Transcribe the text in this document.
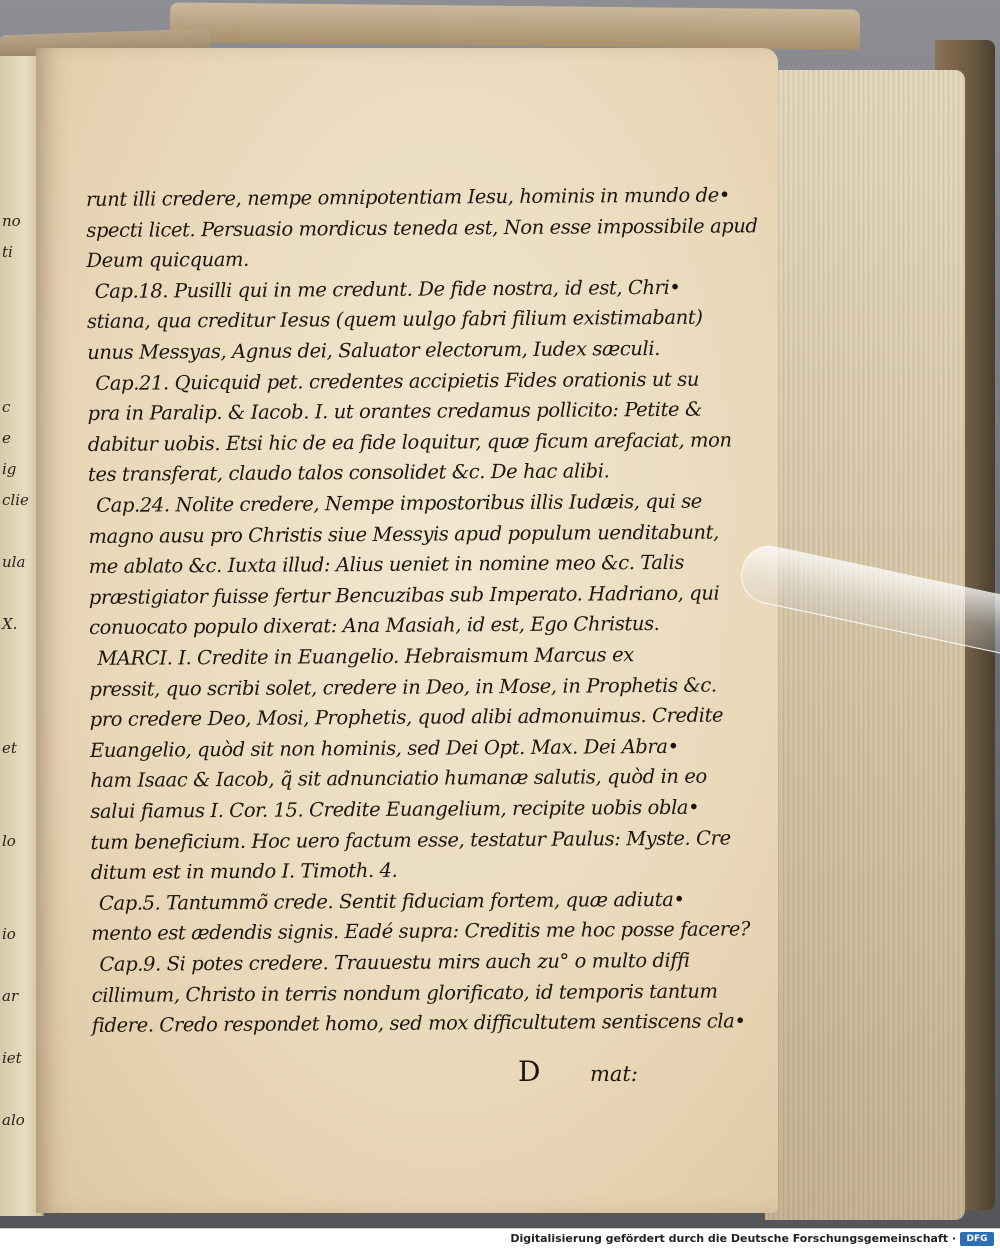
no
ti
c
e
ig
clie
ula
X.
et
lo
io
ar
iet
alo
runt illi credere, nempe omnipotentiam Iesu, hominis in mundo de•
specti licet. Persuasio mordicus teneda est, Non esse impossibile apud
Deum quicquam.
Cap.18. Pusilli qui in me credunt. De fide nostra, id est, Chri•
stiana, qua creditur Iesus (quem uulgo fabri filium existimabant)
unus Messyas, Agnus dei, Saluator electorum, Iudex sæculi.
Cap.21. Quicquid pet. credentes accipietis Fides orationis ut su
pra in Paralip. & Iacob. I. ut orantes credamus pollicito: Petite &
dabitur uobis. Etsi hic de ea fide loquitur, quæ ficum arefaciat, mon
tes transferat, claudo talos consolidet &c. De hac alibi.
Cap.24. Nolite credere, Nempe impostoribus illis Iudæis, qui se
magno ausu pro Christis siue Messyis apud populum uenditabunt,
me ablato &c. Iuxta illud: Alius ueniet in nomine meo &c. Talis
præstigiator fuisse fertur Bencuzibas sub Imperato. Hadriano, qui
conuocato populo dixerat: Ana Masiah, id est, Ego Christus.
MARCI. I. Credite in Euangelio. Hebraismum Marcus ex
pressit, quo scribi solet, credere in Deo, in Mose, in Prophetis &c.
pro credere Deo, Mosi, Prophetis, quod alibi admonuimus. Credite
Euangelio, quòd sit non hominis, sed Dei Opt. Max. Dei Abra•
ham Isaac & Iacob, q̃ sit adnunciatio humanæ salutis, quòd in eo
salui fiamus I. Cor. 15. Credite Euangelium, recipite uobis obla•
tum beneficium. Hoc uero factum esse, testatur Paulus: Myste. Cre
ditum est in mundo I. Timoth. 4.
Cap.5. Tantummõ crede. Sentit fiduciam fortem, quæ adiuta•
mento est ædendis signis. Eadé supra: Creditis me hoc posse facere?
Cap.9. Si potes credere. Trauuestu mirs auch zu° o multo diffi
cillimum, Christo in terris nondum glorificato, id temporis tantum
fidere. Credo respondet homo, sed mox difficultutem sentiscens cla•
D mat:
Digitalisierung gefördert durch die Deutsche Forschungsgemeinschaft ·	DFG
